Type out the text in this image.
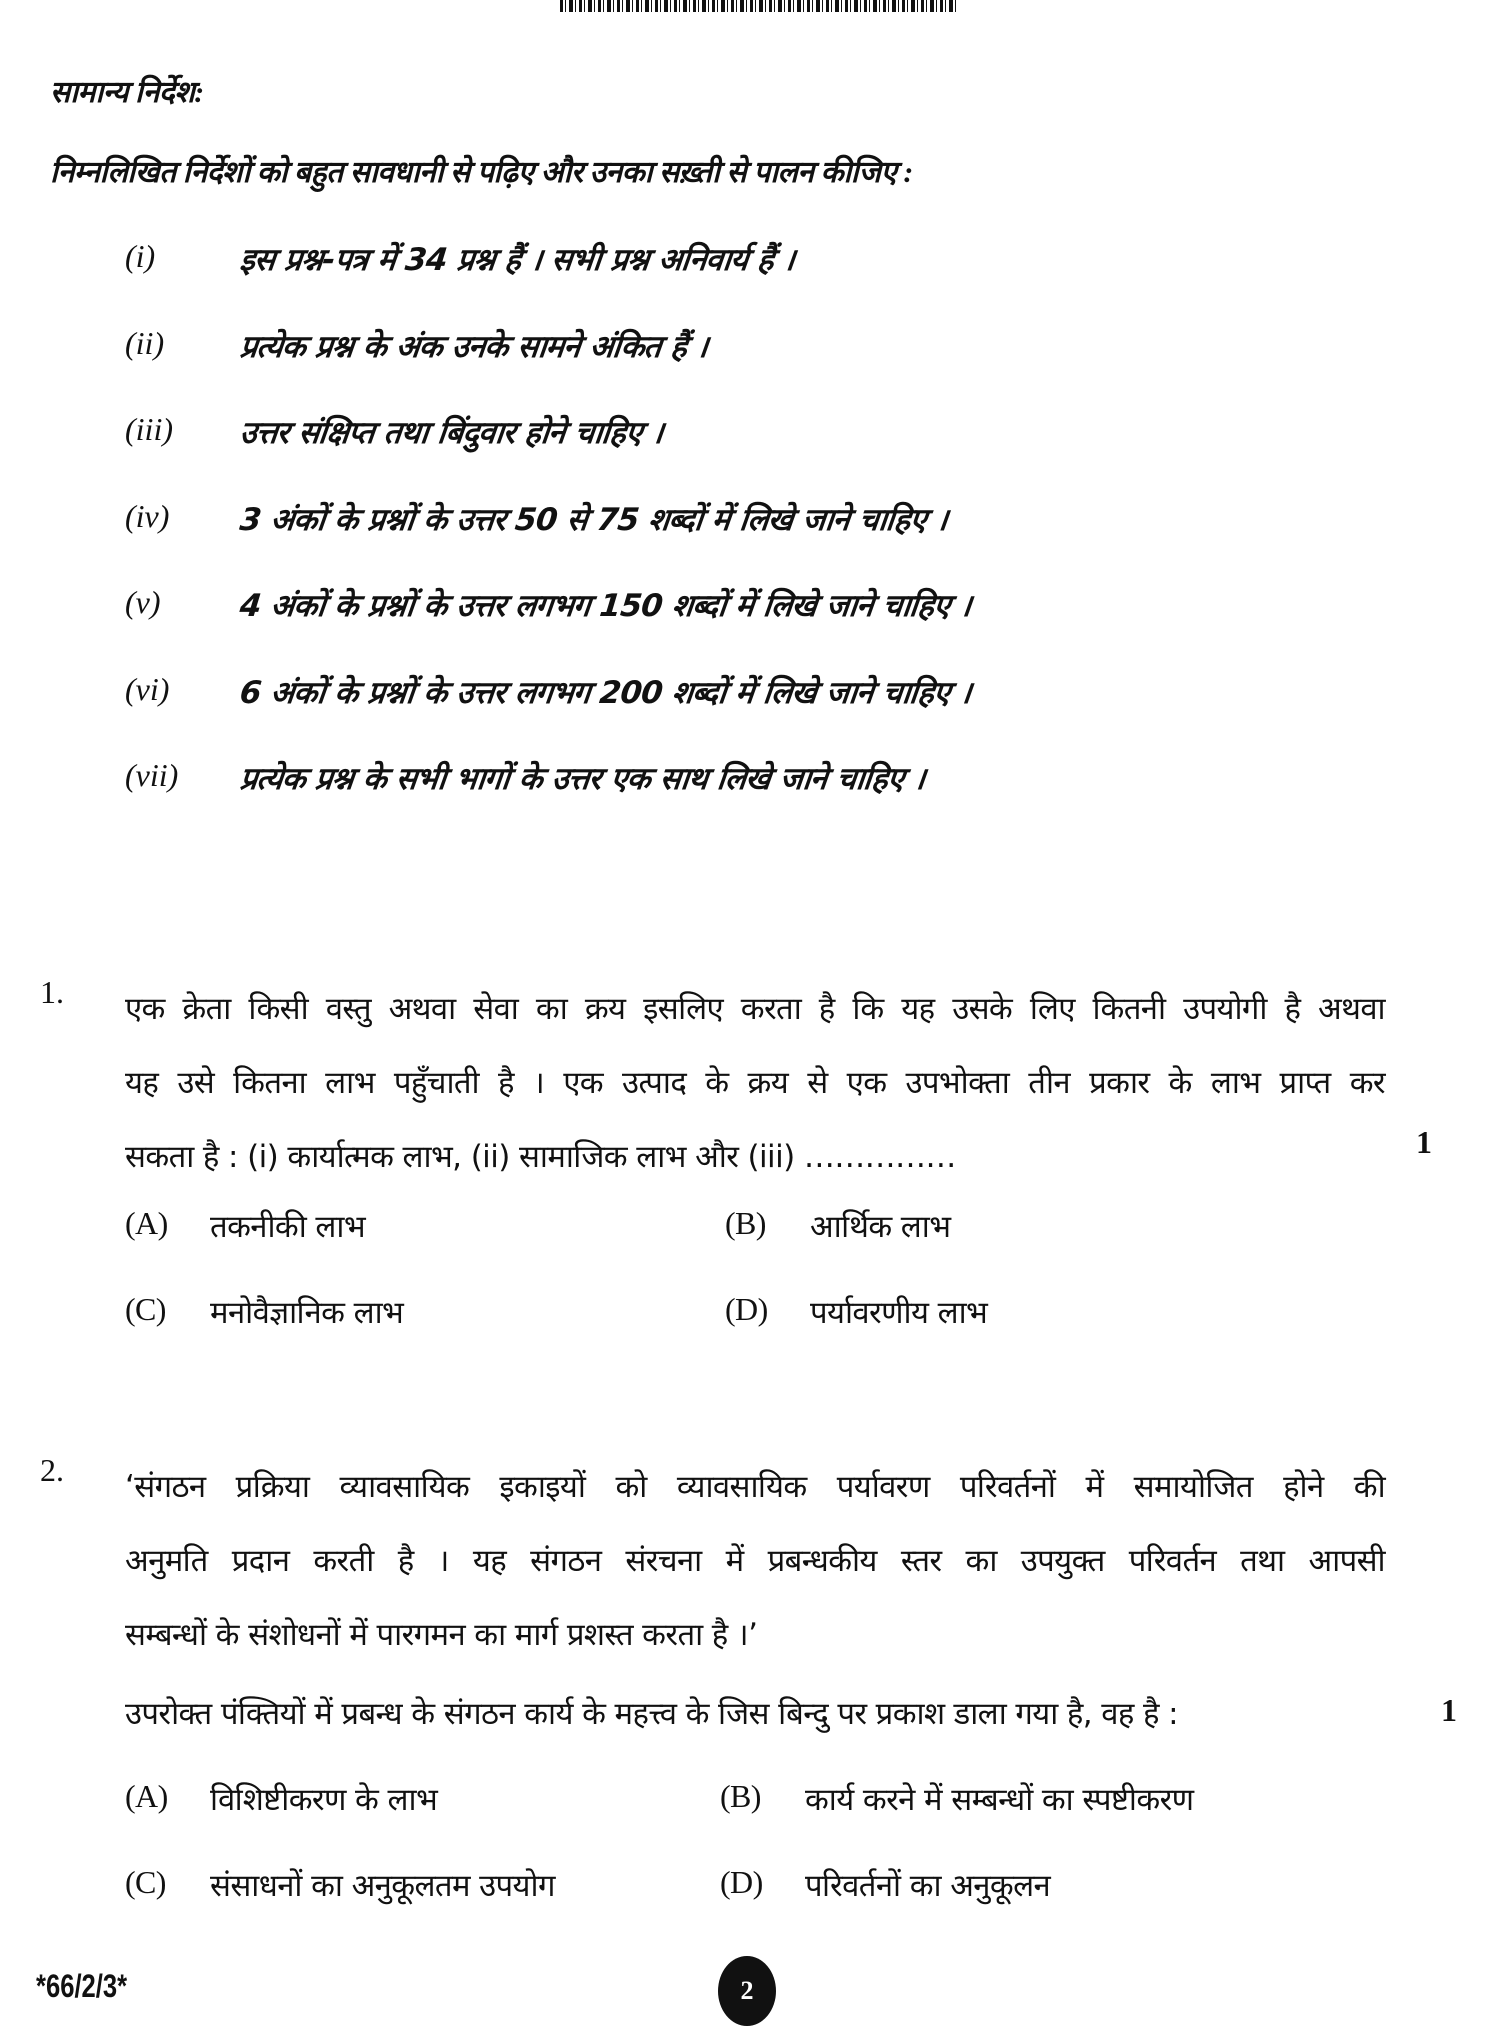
सामान्य निर्देश:
निम्नलिखित निर्देशों को बहुत सावधानी से पढ़िए और उनका सख़्ती से पालन कीजिए :
(i)	इस प्रश्न-पत्र में 34 प्रश्न हैं । सभी प्रश्न अनिवार्य हैं ।
(ii)	प्रत्येक प्रश्न के अंक उनके सामने अंकित हैं ।
(iii)	उत्तर संक्षिप्त तथा बिंदुवार होने चाहिए ।
(iv)	3 अंकों के प्रश्नों के उत्तर 50 से 75 शब्दों में लिखे जाने चाहिए ।
(v)	4 अंकों के प्रश्नों के उत्तर लगभग 150 शब्दों में लिखे जाने चाहिए ।
(vi)	6 अंकों के प्रश्नों के उत्तर लगभग 200 शब्दों में लिखे जाने चाहिए ।
(vii)	प्रत्येक प्रश्न के सभी भागों के उत्तर एक साथ लिखे जाने चाहिए ।
1.	एक क्रेता किसी वस्तु अथवा सेवा का क्रय इसलिए करता है कि यह उसके लिए कितनी उपयोगी है अथवा
यह उसे कितना लाभ पहुँचाती है । एक उत्पाद के क्रय से एक उपभोक्ता तीन प्रकार के लाभ प्राप्त कर
सकता है : (i) कार्यात्मक लाभ, (ii) सामाजिक लाभ और (iii) ……………	1
(A)	तकनीकी लाभ	(B)	आर्थिक लाभ
(C)	मनोवैज्ञानिक लाभ	(D)	पर्यावरणीय लाभ
2.	‘संगठन प्रक्रिया व्यावसायिक इकाइयों को व्यावसायिक पर्यावरण परिवर्तनों में समायोजित होने की
अनुमति प्रदान करती है । यह संगठन संरचना में प्रबन्धकीय स्तर का उपयुक्त परिवर्तन तथा आपसी
सम्बन्धों के संशोधनों में पारगमन का मार्ग प्रशस्त करता है ।’
उपरोक्त पंक्तियों में प्रबन्ध के संगठन कार्य के महत्त्व के जिस बिन्दु पर प्रकाश डाला गया है, वह है :	1
(A)	विशिष्टीकरण के लाभ	(B)	कार्य करने में सम्बन्धों का स्पष्टीकरण
(C)	संसाधनों का अनुकूलतम उपयोग	(D)	परिवर्तनों का अनुकूलन
*66/2/3*	2
